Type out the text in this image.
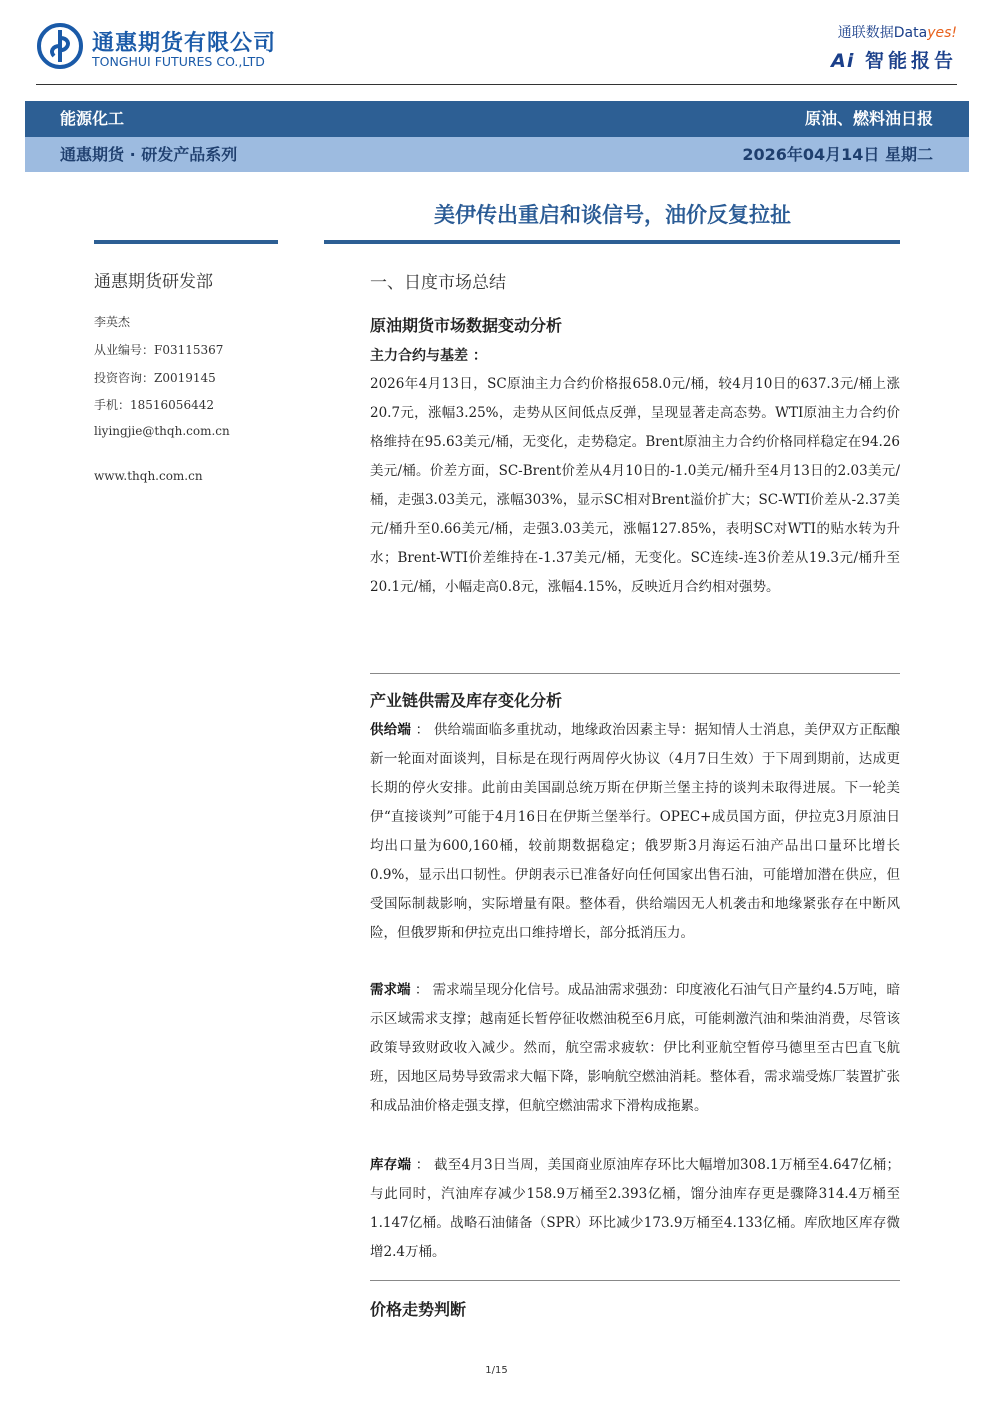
通惠期货有限公司
TONGHUI FUTURES CO.,LTD
通联数据Datayes!
Ai 智能报告
能源化工	原油、燃料油日报
通惠期货 · 研发产品系列	2026年04月14日 星期二
美伊传出重启和谈信号，油价反复拉扯
通惠期货研发部
李英杰
从业编号：F03115367
投资咨询：Z0019145
手机：18516056442
liyingjie@thqh.com.cn
www.thqh.com.cn
一、日度市场总结
原油期货市场数据变动分析
主力合约与基差 ：

2026年4月13日，SC原油主力合约价格报658.0元/桶，较4月10日的637.3元/桶上涨20.7元，涨幅3.25%，走势从区间低点反弹，呈现显著走高态势。WTI原油主力合约价格维持在95.63美元/桶，无变化，走势稳定。Brent原油主力合约价格同样稳定在94.26美元/桶。价差方面，SC-Brent价差从4月10日的-1.0美元/桶升至4月13日的2.03美元/桶，走强3.03美元，涨幅303%，显示SC相对Brent溢价扩大；SC-WTI价差从-2.37美元/桶升至0.66美元/桶，走强3.03美元，涨幅127.85%，表明SC对WTI的贴水转为升水；Brent-WTI价差维持在-1.37美元/桶，无变化。SC连续-连3价差从19.3元/桶升至20.1元/桶，小幅走高0.8元，涨幅4.15%，反映近月合约相对强势。

产业链供需及库存变化分析

供给端 ： 供给端面临多重扰动，地缘政治因素主导：据知情人士消息，美伊双方正酝酿新一轮面对面谈判，目标是在现行两周停火协议（4月7日生效）于下周到期前，达成更长期的停火安排。此前由美国副总统万斯在伊斯兰堡主持的谈判未取得进展。下一轮美伊“直接谈判”可能于4月16日在伊斯兰堡举行。OPEC+成员国方面，伊拉克3月原油日均出口量为600,160桶，较前期数据稳定；俄罗斯3月海运石油产品出口量环比增长0.9%，显示出口韧性。伊朗表示已准备好向任何国家出售石油，可能增加潜在供应，但受国际制裁影响，实际增量有限。整体看，供给端因无人机袭击和地缘紧张存在中断风险，但俄罗斯和伊拉克出口维持增长，部分抵消压力。

需求端 ： 需求端呈现分化信号。成品油需求强劲：印度液化石油气日产量约4.5万吨，暗示区域需求支撑；越南延长暂停征收燃油税至6月底，可能刺激汽油和柴油消费，尽管该政策导致财政收入减少。然而，航空需求疲软：伊比利亚航空暂停马德里至古巴直飞航班，因地区局势导致需求大幅下降，影响航空燃油消耗。整体看，需求端受炼厂装置扩张和成品油价格走强支撑，但航空燃油需求下滑构成拖累。

库存端 ： 截至4月3日当周，美国商业原油库存环比大幅增加308.1万桶至4.647亿桶；与此同时，汽油库存减少158.9万桶至2.393亿桶，馏分油库存更是骤降314.4万桶至1.147亿桶。战略石油储备（SPR）环比减少173.9万桶至4.133亿桶。库欣地区库存微增2.4万桶。

价格走势判断
1/15
